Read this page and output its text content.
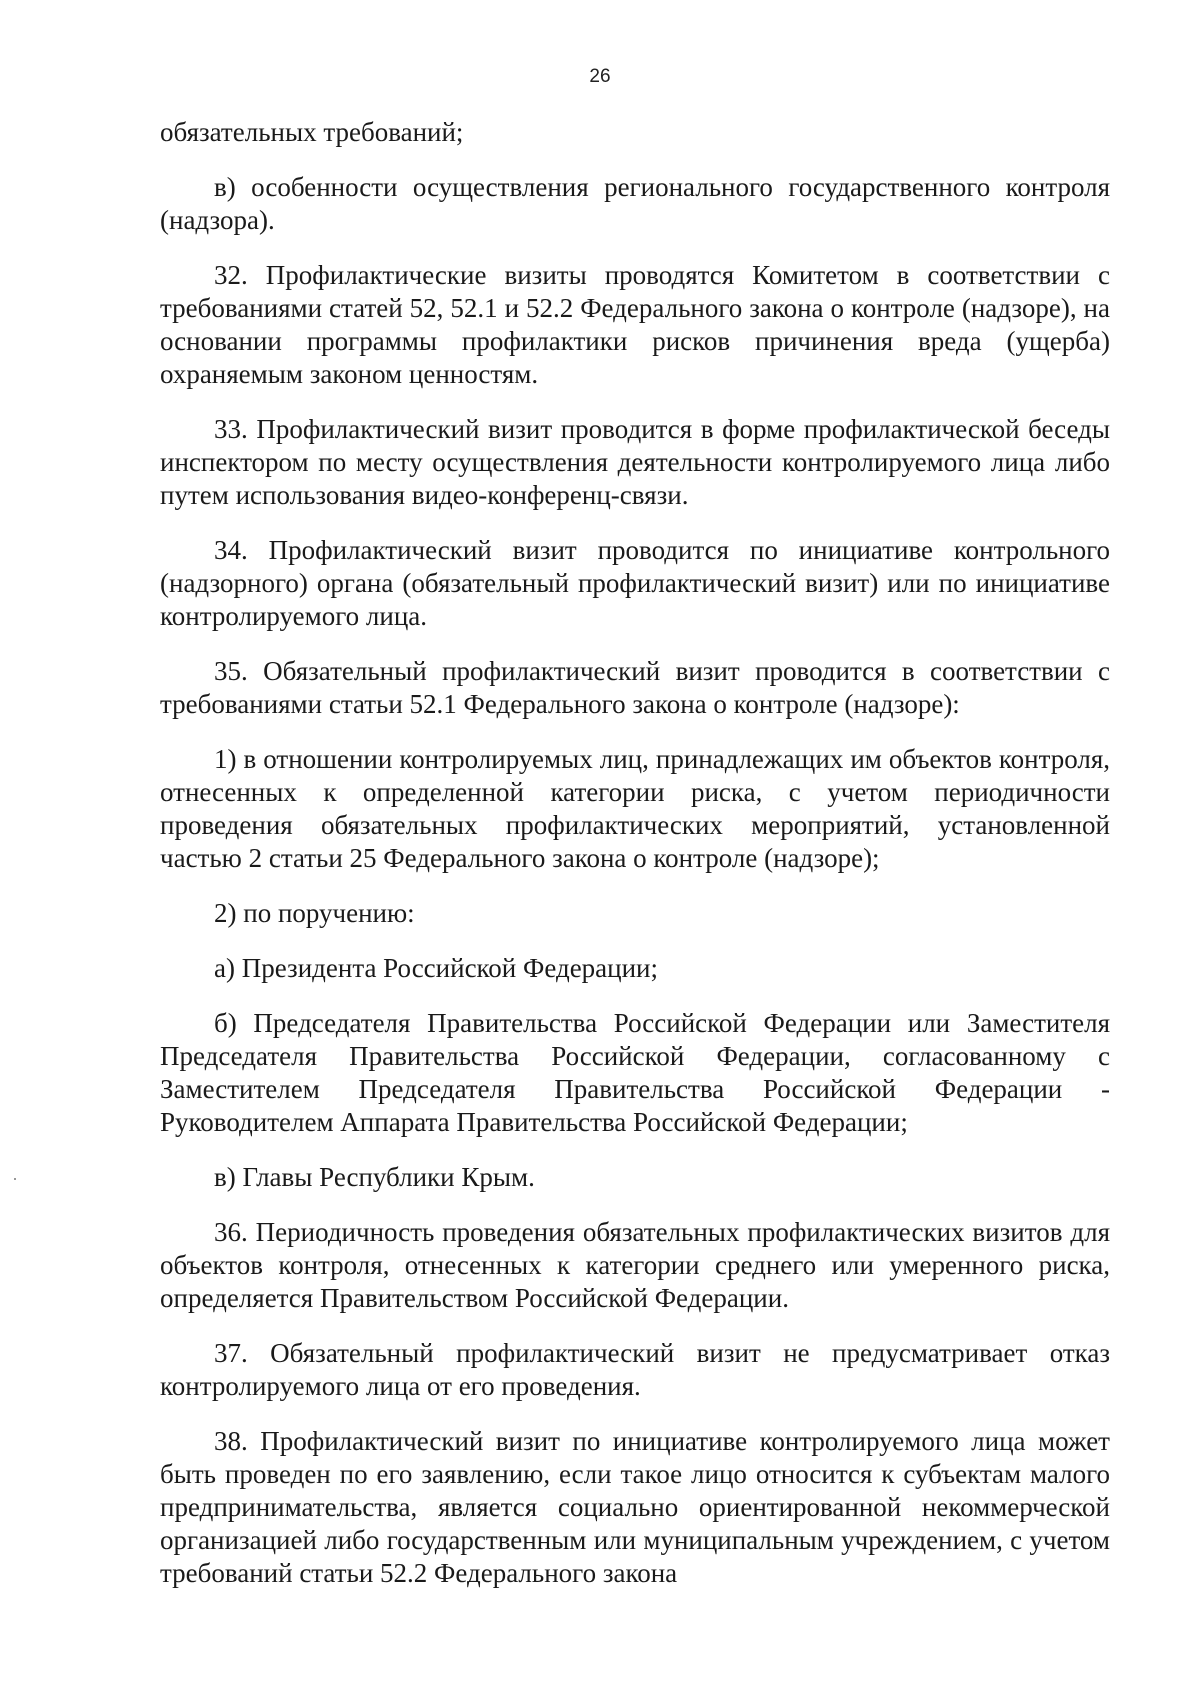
26

обязательных требований;

в) особенности осуществления регионального государственного контроля (надзора).

32. Профилактические визиты проводятся Комитетом в соответствии с требованиями статей 52, 52.1 и 52.2 Федерального закона о контроле (надзоре), на основании программы профилактики рисков причинения вреда (ущерба) охраняемым законом ценностям.

33. Профилактический визит проводится в форме профилактической беседы инспектором по месту осуществления деятельности контролируемого лица либо путем использования видео-конференц-связи.

34. Профилактический визит проводится по инициативе контрольного (надзорного) органа (обязательный профилактический визит) или по инициативе контролируемого лица.

35. Обязательный профилактический визит проводится в соответствии с требованиями статьи 52.1 Федерального закона о контроле (надзоре):

1) в отношении контролируемых лиц, принадлежащих им объектов контроля, отнесенных к определенной категории риска, с учетом периодичности проведения обязательных профилактических мероприятий, установленной частью 2 статьи 25 Федерального закона о контроле (надзоре);

2) по поручению:

а) Президента Российской Федерации;

б) Председателя Правительства Российской Федерации или Заместителя Председателя Правительства Российской Федерации, согласованному с Заместителем Председателя Правительства Российской Федерации - Руководителем Аппарата Правительства Российской Федерации;

в) Главы Республики Крым.

36. Периодичность проведения обязательных профилактических визитов для объектов контроля, отнесенных к категории среднего или умеренного риска, определяется Правительством Российской Федерации.

37. Обязательный профилактический визит не предусматривает отказ контролируемого лица от его проведения.

38. Профилактический визит по инициативе контролируемого лица может быть проведен по его заявлению, если такое лицо относится к субъектам малого предпринимательства, является социально ориентированной некоммерческой организацией либо государственным или муниципальным учреждением, с учетом требований статьи 52.2 Федерального закона
